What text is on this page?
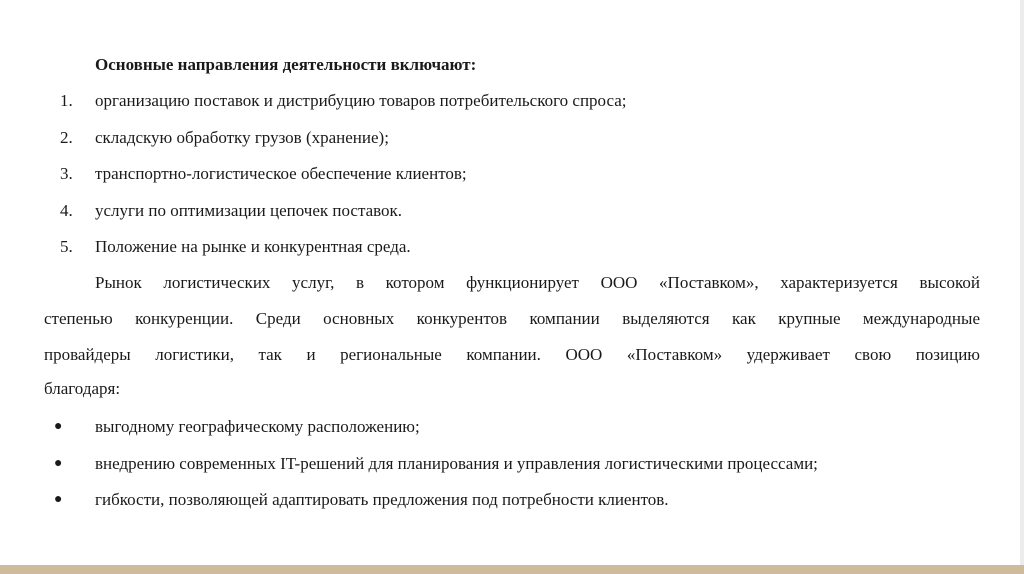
Основные направления деятельности включают:
1. организацию поставок и дистрибуцию товаров потребительского спроса;
2. складскую обработку грузов (хранение);
3. транспортно-логистическое обеспечение клиентов;
4. услуги по оптимизации цепочек поставок.
5. Положение на рынке и конкурентная среда.
Рынок логистических услуг, в котором функционирует ООО «Поставком», характеризуется высокой
степенью конкуренции. Среди основных конкурентов компании выделяются как крупные международные
провайдеры логистики, так и региональные компании. ООО «Поставком» удерживает свою позицию
благодаря:
● выгодному географическому расположению;
● внедрению современных IT-решений для планирования и управления логистическими процессами;
● гибкости, позволяющей адаптировать предложения под потребности клиентов.
